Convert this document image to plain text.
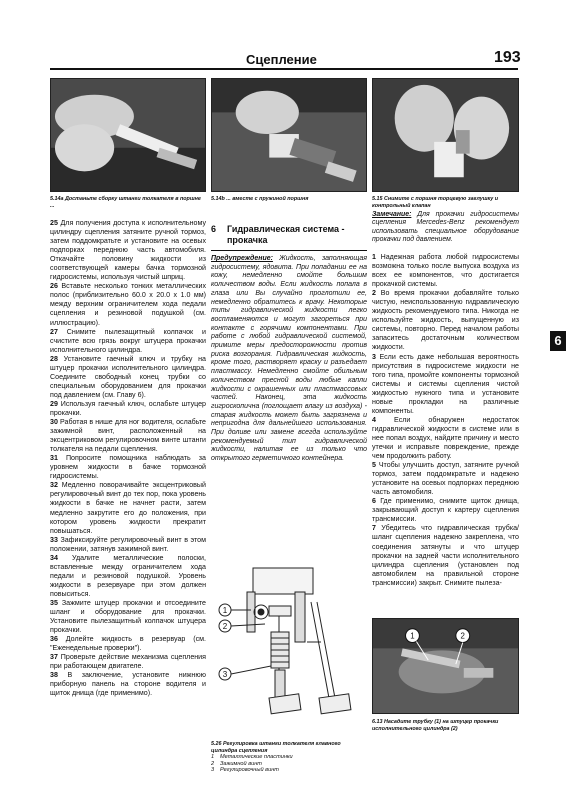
Сцепление	193
5.14a Достаньте сборку штанги толкателя в поршне ...
5.14b ... вместе с пружиной поршня	5.15 Снимите с поршня торцевую заглушку и контрольный клапан

25 Для получения доступа к исполнительному цилиндру сцепления затяните ручной тормоз, затем поддомкратьте и установите на осевых подпорках переднюю часть автомобиля. Откачайте половину жидкости из соответствующей камеры бачка тормозной гидросистемы, используя чистый шприц.

26 Вставьте несколько тонких металлических полос (приблизительно 60.0 x 20.0 x 1.0 мм) между верхним ограничителем хода педали сцепления и резиновой подушкой (см. иллюстрацию).

27 Снимите пылезащитный колпачок и счистите всю грязь вокруг штуцера прокачки исполнительного цилиндра.

28 Установите гаечный ключ и трубку на штуцер прокачки исполнительного цилиндра. Соедините свободный конец трубки со специальным оборудованием для прокачки под давлением (см. Главу 6).

29 Используя гаечный ключ, ослабьте штуцер прокачки.

30 Работая в нише для ног водителя, ослабьте зажимной винт, расположенный на эксцентриковом регулировочном винте штанги толкателя на педали сцепления.

31 Попросите помощника наблюдать за уровнем жидкости в бачке тормозной гидросистемы.

32 Медленно поворачивайте эксцентриковый регулировочный винт до тех пор, пока уровень жидкости в бачке не начнет расти, затем медленно закрутите его до положения, при котором уровень жидкости прекратит повышаться.

33 Зафиксируйте регулировочный винт в этом положении, затянув зажимной винт.

34 Удалите металлические полоски, вставленные между ограничителем хода педали и резиновой подушкой. Уровень жидкости в резервуаре при этом должен повыситься.

35 Зажмите штуцер прокачки и отсоедините шланг и оборудование для прокачки. Установите пылезащитный колпачок штуцера прокачки.

36 Долейте жидкость в резервуар (см. "Еженедельные проверки").

37 Проверьте действие механизма сцепления при работающем двигателе.

38 В заключение, установите нижнюю приборную панель на стороне водителя и щиток днища (где применимо).

6 Гидравлическая система - прокачка
Предупреждение: Жидкость, заполняющая гидросистему, ядовита. При попадании ее на кожу, немедленно смойте большим количеством воды. Если жидкость попала в глаза или Вы случайно проглотили ее, немедленно обратитесь к врачу. Некоторые типы гидравлической жидкости легко воспламеняются и могут загореться при контакте с горячими компонентами. При работе с любой гидравлической системой, примите меры предосторожности против риска возгорания. Гидравлическая жидкость, кроме того, растворяет краску и разъедает пластмассу. Немедленно смойте обильным количеством пресной воды любые капли жидкости с окрашенных или пластмассовых частей. Наконец, эта жидкость гигроскопична (поглощает влагу из воздуха) - старая жидкость может быть загрязнена и непригодна для дальнейшего использования. При доливе или замене всегда используйте рекомендуемый тип гидравлической жидкости, налитая ее из только что открытого герметичного контейнера.
1
2
3
5.26 Регулировка штанги толкателя главного цилиндра сцепления
1 Металлические пластинки
2 Зажимной винт
3 Регулировочный винт
Замечание: Для прокачки гидросистемы сцепления Mercedes-Benz рекомендует использовать специальное оборудование прокачки под давлением.

1 Надежная работа любой гидросистемы возможна только после выпуска воздуха из всех ее компонентов, что достигается прокачкой системы.

2 Во время прокачки добавляйте только чистую, неиспользованную гидравлическую жидкость рекомендуемого типа. Никогда не используйте жидкость, выпущенную из системы, повторно. Перед началом работы запаситесь достаточным количеством жидкости.

3 Если есть даже небольшая вероятность присутствия в гидросистеме жидкости не того типа, промойте компоненты тормозной системы и системы сцепления чистой жидкостью нужного типа и установите новые прокладки на различные компоненты.

4	Если обнаружен недостаток гидравлической жидкости в системе или в нее попал воздух, найдите причину и место утечки и исправьте повреждение, прежде чем продолжить работу.

5 Чтобы улучшить доступ, затяните ручной тормоз, затем поддомкратьте и надежно установите на осевых подпорках переднюю часть автомобиля.

6 Где применимо, снимите щиток днища, закрывающий доступ к картеру сцепления трансмиссии.

7 Убедитесь что гидравлическая трубка/шланг сцепления надежно закреплена, что соединения затянуты и что штуцер прокачки на задней части исполнительного цилиндра сцепления (установлен под автомобилем на правильной стороне трансмиссии) закрыт. Снимите пылеза-

1	2
6.13 Насадите трубку (1) на штуцер прокачки исполнительного цилиндра (2)
6
